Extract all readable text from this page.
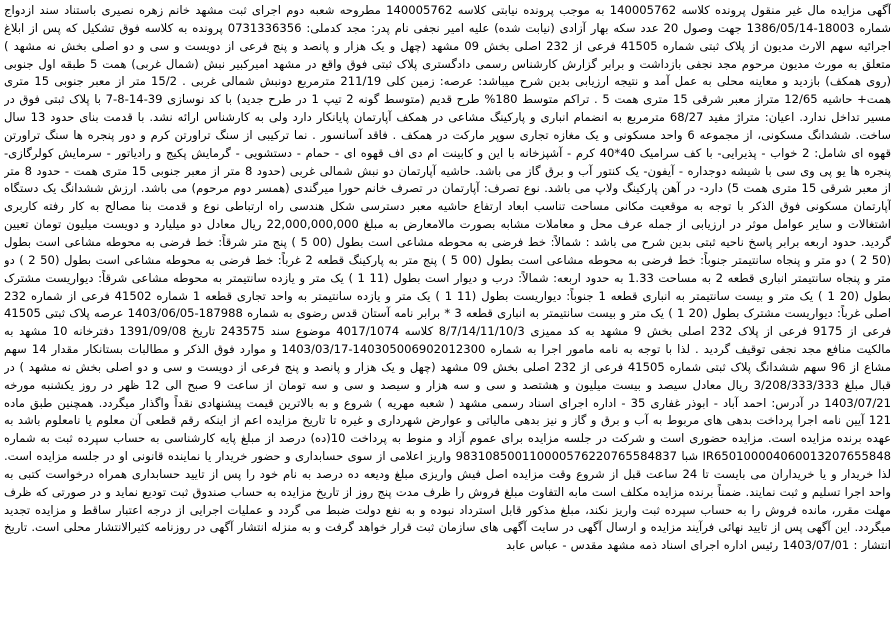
آگهی مزایده مال غیر منقول پرونده کلاسه 140005762 به موجب پرونده نیابتی کلاسه 140005762 مطروحه شعبه دوم اجرای ثبت مشهد خانم زهره نصیری باستناد سند ازدواج شماره 18003-1386/05/14 جهت وصول 20 عدد سکه بهار آزادی (نیابت شده) علیه امیر نجفی نام پدر: مجد کدملی: 0731336356 پرونده به کلاسه فوق تشکیل که پس از ابلاغ اجرائیه سهم الارث مدیون از پلاک ثبتی شماره 41505 فرعی از 232 اصلی بخش 09 مشهد (چهل و یک هزار و پانصد و پنج فرعی از دویست و سی و دو اصلی بخش نه مشهد ) متعلق به مورث مدیون مرحوم مجد نجفی بازداشت و برابر گزارش کارشناس رسمی دادگستری پلاک ثبتی فوق واقع در مشهد امیرکبیر نبش (شمال غربی) همت 5 طبقه اول جنوبی (روی همکف) بازدید و معاینه محلی به عمل آمد و نتیجه ارزیابی بدین شرح میباشد: عرصه: زمین کلی 211/19 مترمربع دونبش شمالی غربی . 15/2 متر از معبر جنوبی 15 متری همت+ حاشیه 12/65 متراز معبر شرقی 15 متری همت 5 . تراکم متوسط 180% طرح قدیم (متوسط گونه 2 تیپ 1 در طرح جدید) با کد نوسازی 39-14-8-7 با پلاک ثبتی فوق در مسیر تداخل ندارد. اعیان: متراژ مفید 68/27 مترمربع به انضمام انباری و پارکینگ مشاعی در همکف آپارتمان پایانکار دارد ولی به کارشناس ارائه نشد. با قدمت بنای حدود 13 سال ساخت. ششدانگ مسکونی، از مجموعه 6 واحد مسکونی و یک مغازه تجاری سوپر مارکت در همکف . فاقد آسانسور . نما ترکیبی از سنگ تراورتن کرم و دور پنجره ها سنگ تراورتن قهوه ای شامل: 2 خواب - پذیرایی- با کف سرامیک 40*40 کرم - آشپزخانه با این و کابینت ام دی اف قهوه ای - حمام - دستشویی - گرمایش پکیج و رادیاتور - سرمایش کولرگازی- پنجره ها یو پی وی سی با شیشه دوجداره - آیفون- یک کنتور آب و برق گاز می باشد. حاشیه آپارتمان دو نبش شمالی غربی (حدود 8 متر از معبر جنوبی 15 متری همت - حدود 8 متر از معبر شرقی 15 متری همت 5) دارد- در آهن پارکینگ ولاپ می باشد. نوع تصرف: آپارتمان در تصرف خانم حورا میرگندی (همسر دوم مرحوم) می باشد. ارزش ششدانگ یک دستگاه آپارتمان مسکونی فوق الذکر با توجه به موقعیت مکانی مساحت تناسب ابعاد ارتفاع حاشیه معبر دسترسی شکل هندسی راه ارتباطی نوع و قدمت بنا مصالح به کار رفته کاربری اشتغالات و سایر عوامل موثر در ارزیابی از جمله عرف محل و معاملات مشابه بصورت مالامعارض به مبلغ 22,000,000,000 ریال معادل دو میلیارد و دویست میلیون تومان تعیین گردید. حدود اربعه برابر پاسخ ناحیه ثبتی بدین شرح می باشد : شمالاً: خط فرضی به محوطه مشاعی است بطول (00 5 ) پنج متر شرقاً: خط فرضی به محوطه مشاعی است بطول (50 2 ) دو متر و پنجاه سانتیمتر جنوباً: خط فرضی به محوطه مشاعی است بطول (00 5 ) پنج متر به پارکینگ قطعه 2 غرباً: خط فرضی به محوطه مشاعی است بطول (50 2 ) دو متر و پنجاه سانتیمتر انباری قطعه 2 به مساحت 1.33 به حدود اربعه: شمالاً: درب و دیوار است بطول (11 1 ) یک متر و یازده سانتیمتر به محوطه مشاعی شرقاً: دیواریست مشترک بطول (20 1 ) یک متر و بیست سانتیمتر به انباری قطعه 1 جنوباً: دیواریست بطول (11 1 ) یک متر و یازده سانتیمتر به واحد تجاری قطعه 1 شماره 41502 فرعی از شماره 232 اصلی غرباً: دیواریست مشترک بطول (20 1 ) یک متر و بیست سانتیمتر به انباری قطعه 3 * برابر نامه آستان قدس رضوی به شماره 187988-1403/06/05 عرصه پلاک ثبتی 41505 فرعی از 9175 فرعی از پلاک 232 اصلی بخش 9 مشهد به کد ممیزی 8/7/14/11/10/3 کلاسه 4017/1074 موضوع سند 243575 تاریخ 1391/09/08 دفترخانه 10 مشهد به مالکیت منافع مجد نجفی توقیف گردید . لذا با توجه به نامه مامور اجرا به شماره 140305006902012300-1403/03/17 و موارد فوق الذکر و مطالبات بستانکار مقدار 14 سهم مشاع از 96 سهم ششدانگ پلاک ثبتی شماره 41505 فرعی از 232 اصلی بخش 09 مشهد (چهل و یک هزار و پانصد و پنج فرعی از دویست و سی و دو اصلی بخش نه مشهد ) در قبال مبلغ 3/208/333/333 ریال معادل سیصد و بیست میلیون و هشتصد و سی و سه هزار و سیصد و سی و سه تومان از ساعت 9 صبح الی 12 ظهر در روز یکشنبه مورخه 1403/07/21 در آدرس: احمد آباد - ابوذر غفاری 35 - اداره اجرای اسناد رسمی مشهد ( شعبه مهریه ) شروع و به بالاترین قیمت پیشنهادی نقداً واگذار میگردد. همچنین طبق ماده 121 آیین نامه اجرا پرداخت بدهی های مربوط به آب و برق و گاز و نیز بدهی مالیاتی و عوارض شهرداری و غیره تا تاریخ مزایده اعم از اینکه رقم قطعی آن معلوم یا نامعلوم باشد به عهده برنده مزایده است. مزایده حضوری است و شرکت در جلسه مزایده برای عموم آزاد و منوط به پرداخت 10(ده) درصد از مبلغ پایه کارشناسی به حساب سپرده ثبت به شماره IR650100004060013207655848 شبا 983108500110000576220765584837 واریز اعلامی از سوی حسابداری و حضور خریدار یا نماینده قانونی او در جلسه مزایده است. لذا خریدار و یا خریداران می بایست تا 24 ساعت قبل از شروع وقت مزایده اصل فیش واریزی مبلغ ودیعه ده درصد به نام خود را پس از تایید حسابداری همراه درخواست کتبی به واحد اجرا تسلیم و ثبت نمایند. ضمناً برنده مزایده مکلف است مابه التفاوت مبلغ فروش را ظرف مدت پنج روز از تاریخ مزایده به حساب صندوق ثبت تودیع نماید و در صورتی که ظرف مهلت مقرر، مانده فروش را به حساب سپرده ثبت واریز نکند، مبلغ مذکور قابل استرداد نبوده و به نفع دولت ضبط می گردد و عملیات اجرایی از درجه اعتبار ساقط و مزایده تجدید میگردد. این آگهی پس از تایید نهائی فرآیند مزایده و ارسال آگهی در سایت آگهی های سازمان ثبت قرار خواهد گرفت و به منزله انتشار آگهی در روزنامه کثیرالانتشار محلی است. تاریخ انتشار : 1403/07/01 رئیس اداره اجرای اسناد ذمه مشهد مقدس - عباس عابد
